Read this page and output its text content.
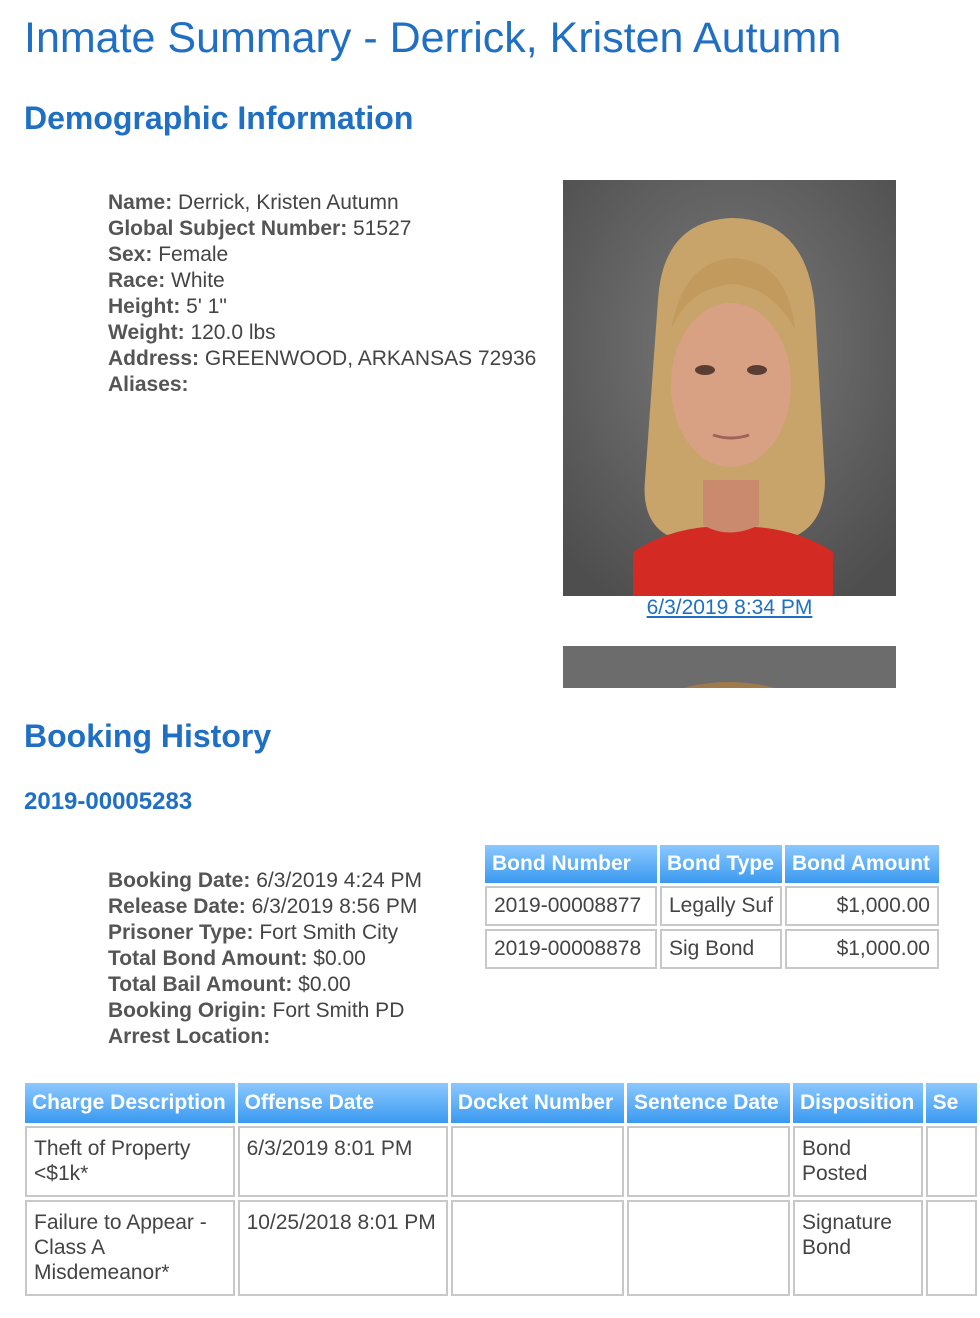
Inmate Summary - Derrick, Kristen Autumn
Demographic Information
Name: Derrick, Kristen Autumn
Global Subject Number: 51527
Sex: Female
Race: White
Height: 5' 1"
Weight: 120.0 lbs
Address: GREENWOOD, ARKANSAS 72936
Aliases:
6/3/2019 8:34 PM
Booking History
2019-00005283
Booking Date: 6/3/2019 4:24 PM
Release Date: 6/3/2019 8:56 PM
Prisoner Type: Fort Smith City
Total Bond Amount: $0.00
Total Bail Amount: $0.00
Booking Origin: Fort Smith PD
Arrest Location:
Bond Number	Bond Type	Bond Amount
2019-00008877	Legally Suf	$1,000.00
2019-00008878	Sig Bond	$1,000.00
Charge Description	Offense Date	Docket Number	Sentence Date	Disposition	Se
Theft of Property <$1k*	6/3/2019 8:01 PM			Bond Posted	
Failure to Appear - Class A Misdemeanor*	10/25/2018 8:01 PM			Signature Bond	
